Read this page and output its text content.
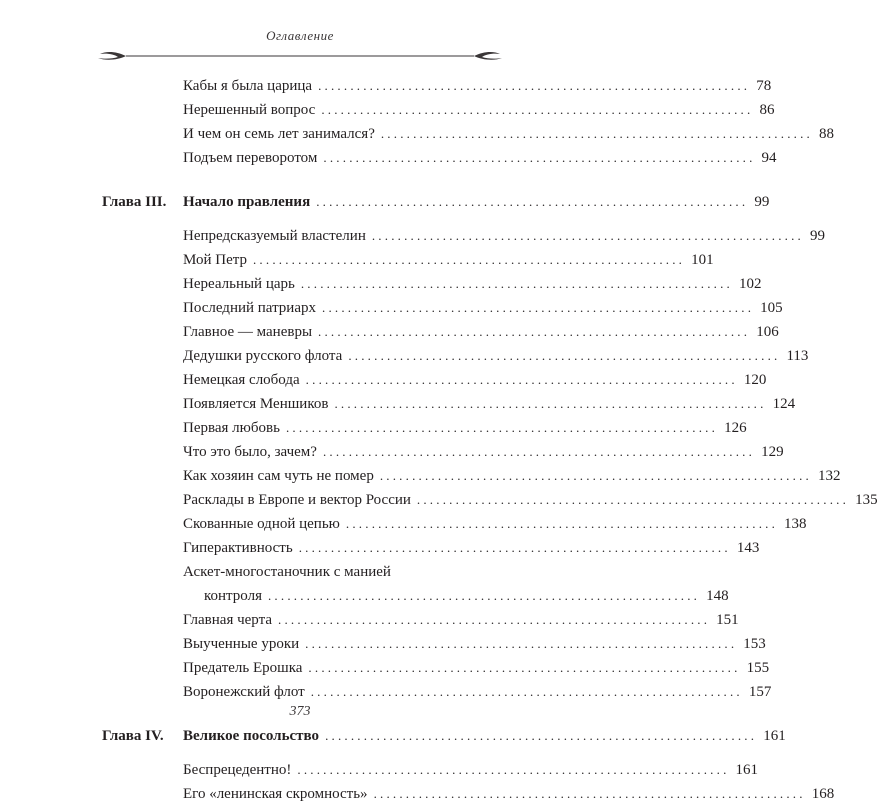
Оглавление
Кабы я была царица ................................................................... 78
Нерешенный вопрос ................................................................... 86
И чем он семь лет занимался? ................................................................... 88
Подъем переворотом ................................................................... 94
Глава III. Начало правления ................................................................... 99
Непредсказуемый властелин ................................................................... 99
Мой Петр ................................................................... 101
Нереальный царь ................................................................... 102
Последний патриарх ................................................................... 105
Главное — маневры ................................................................... 106
Дедушки русского флота ................................................................... 113
Немецкая слобода ................................................................... 120
Появляется Меншиков ................................................................... 124
Первая любовь ................................................................... 126
Что это было, зачем? ................................................................... 129
Как хозяин сам чуть не помер ................................................................... 132
Расклады в Европе и вектор России ................................................................... 135
Скованные одной цепью ................................................................... 138
Гиперактивность ................................................................... 143
Аскет-многостаночник с манией
контроля ................................................................... 148
Главная черта ................................................................... 151
Выученные уроки ................................................................... 153
Предатель Ерошка ................................................................... 155
Воронежский флот ................................................................... 157
Глава IV. Великое посольство ................................................................... 161
Беспрецедентно! ................................................................... 161
Его «ленинская скромность» ................................................................... 168
373
